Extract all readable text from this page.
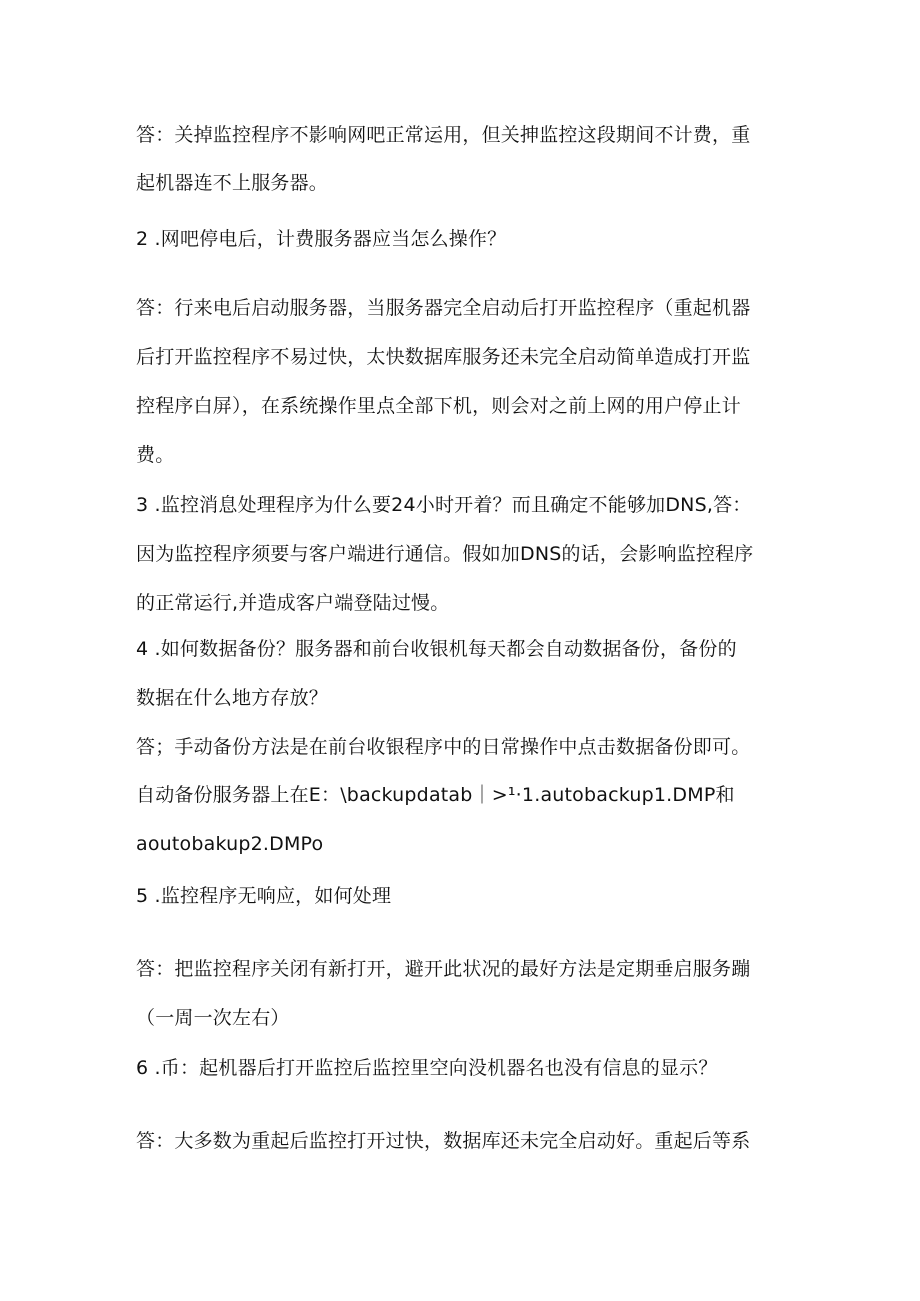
答：关掉监控程序不影响网吧正常运用，但关抻监控这段期间不计费，重
起机器连不上服务器。
2 .网吧停电后，计费服务器应当怎么操作？
答：行来电后启动服务器，当服务器完全启动后打开监控程序（重起机器
后打开监控程序不易过快，太快数据库服务还未完全启动简单造成打开监
控程序白屏），在系统操作里点全部下机，则会对之前上网的用户停止计
费。
3 .监控消息处理程序为什么要24小时开着？而且确定不能够加DNS,答：
因为监控程序须要与客户端进行通信。假如加DNS的话，会影响监控程序
的正常运行,并造成客户端登陆过慢。
4 .如何数据备份？服务器和前台收银机每天都会自动数据备份，备份的
数据在什么地方存放？
答；手动备份方法是在前台收银程序中的日常操作中点击数据备份即可。
自动备份服务器上在E：\backupdatab｜>¹·1.autobackup1.DMP和
aoutobakup2.DMPo
5 .监控程序无响应，如何处理
答：把监控程序关闭有新打开，避开此状况的最好方法是定期垂启服务蹦
（一周一次左右）
6 .币：起机器后打开监控后监控里空向没机器名也没有信息的显示？
答：大多数为重起后监控打开过快，数据库还未完全启动好。重起后等系
